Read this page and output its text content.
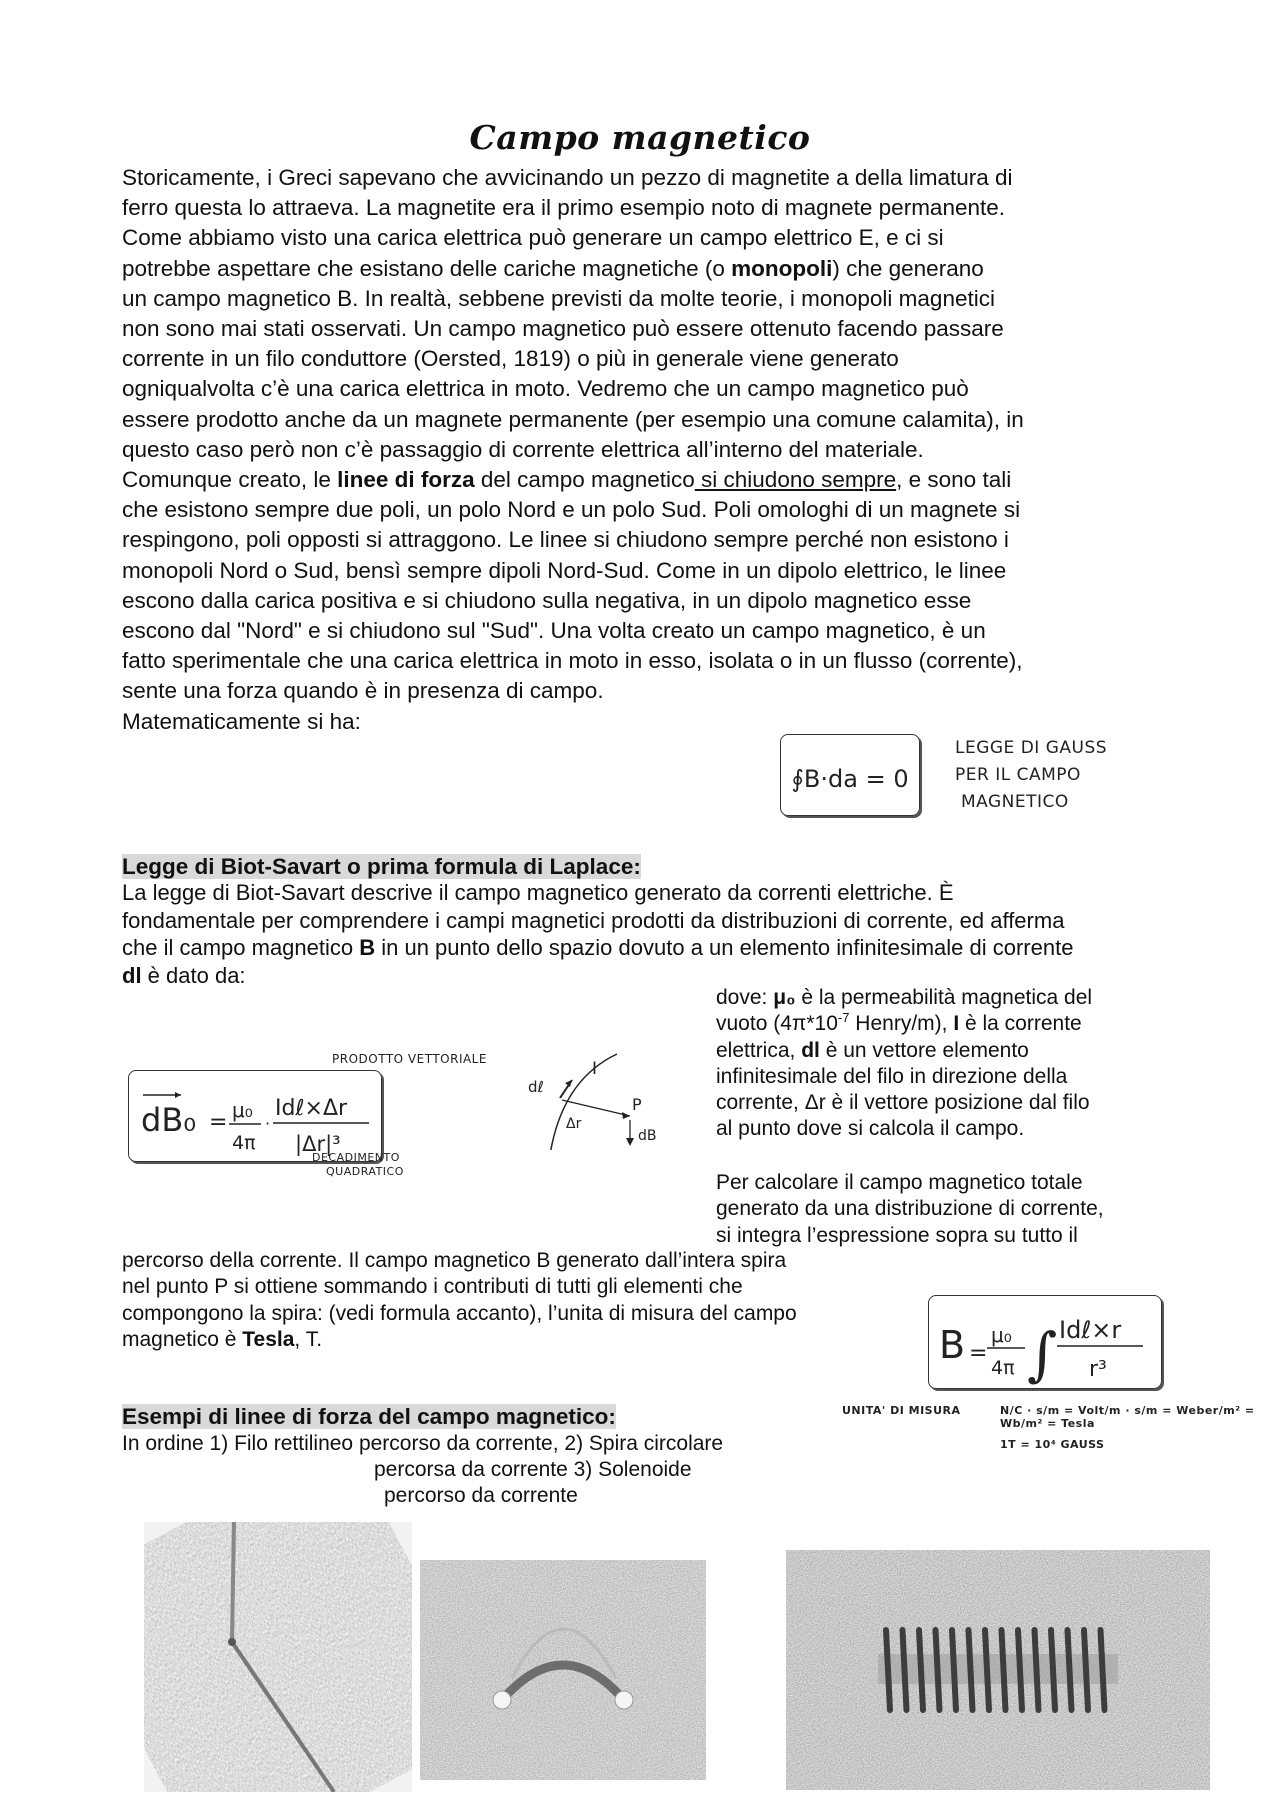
Campo magnetico
Storicamente, i Greci sapevano che avvicinando un pezzo di magnetite a della limatura di
ferro questa lo attraeva. La magnetite era il primo esempio noto di magnete permanente.
Come abbiamo visto una carica elettrica può generare un campo elettrico E, e ci si
potrebbe aspettare che esistano delle cariche magnetiche (o monopoli) che generano
un campo magnetico B. In realtà, sebbene previsti da molte teorie, i monopoli magnetici
non sono mai stati osservati. Un campo magnetico può essere ottenuto facendo passare
corrente in un filo conduttore (Oersted, 1819) o più in generale viene generato
ogniqualvolta c’è una carica elettrica in moto. Vedremo che un campo magnetico può
essere prodotto anche da un magnete permanente (per esempio una comune calamita), in
questo caso però non c’è passaggio di corrente elettrica all’interno del materiale.
Comunque creato, le linee di forza del campo magnetico si chiudono sempre, e sono tali
che esistono sempre due poli, un polo Nord e un polo Sud. Poli omologhi di un magnete si
respingono, poli opposti si attraggono. Le linee si chiudono sempre perché non esistono i
monopoli Nord o Sud, bensì sempre dipoli Nord-Sud. Come in un dipolo elettrico, le linee
escono dalla carica positiva e si chiudono sulla negativa, in un dipolo magnetico esse
escono dal "Nord" e si chiudono sul "Sud". Una volta creato un campo magnetico, è un
fatto sperimentale che una carica elettrica in moto in esso, isolata o in un flusso (corrente),
sente una forza quando è in presenza di campo.
Matematicamente si ha:
∮B·da = 0
LEGGE DI GAUSS
PER IL CAMPO
MAGNETICO
Legge di Biot-Savart o prima formula di Laplace:
La legge di Biot-Savart descrive il campo magnetico generato da correnti elettriche. È
fondamentale per comprendere i campi magnetici prodotti da distribuzioni di corrente, ed afferma
che il campo magnetico B in un punto dello spazio dovuto a un elemento infinitesimale di corrente
dl è dato da:
dB₀ = μ₀
4π
·
Idℓ×Δr
|Δr|³
PRODOTTO VETTORIALE
DECADIMENTO
QUADRATICO
dℓ
I
P
Δr
dB
dove: μ₀ è la permeabilità magnetica del
vuoto ($4\pi*10^{-7}$ Henry/m), I è la corrente
elettrica, dl è un vettore elemento
infinitesimale del filo in direzione della
corrente, Δr è il vettore posizione dal filo
al punto dove si calcola il campo.
Per calcolare il campo magnetico totale
generato da una distribuzione di corrente,
si integra l’espressione sopra su tutto il
percorso della corrente. Il campo magnetico B generato dall’intera spira
nel punto P si ottiene sommando i contributi di tutti gli elementi che
compongono la spira: (vedi formula accanto), l’unita di misura del campo
magnetico è Tesla, T.	B =
μ₀
4π ∫ Idℓ×r
r³
UNITA' DI MISURA	N/C · s/m = Volt/m · s/m = Weber/m² = Wb/m² = Tesla
1T = 10⁴ GAUSS
Esempi di linee di forza del campo magnetico:
In ordine 1) Filo rettilineo percorso da corrente, 2) Spira circolare
percorsa da corrente 3) Solenoide
percorso da corrente
